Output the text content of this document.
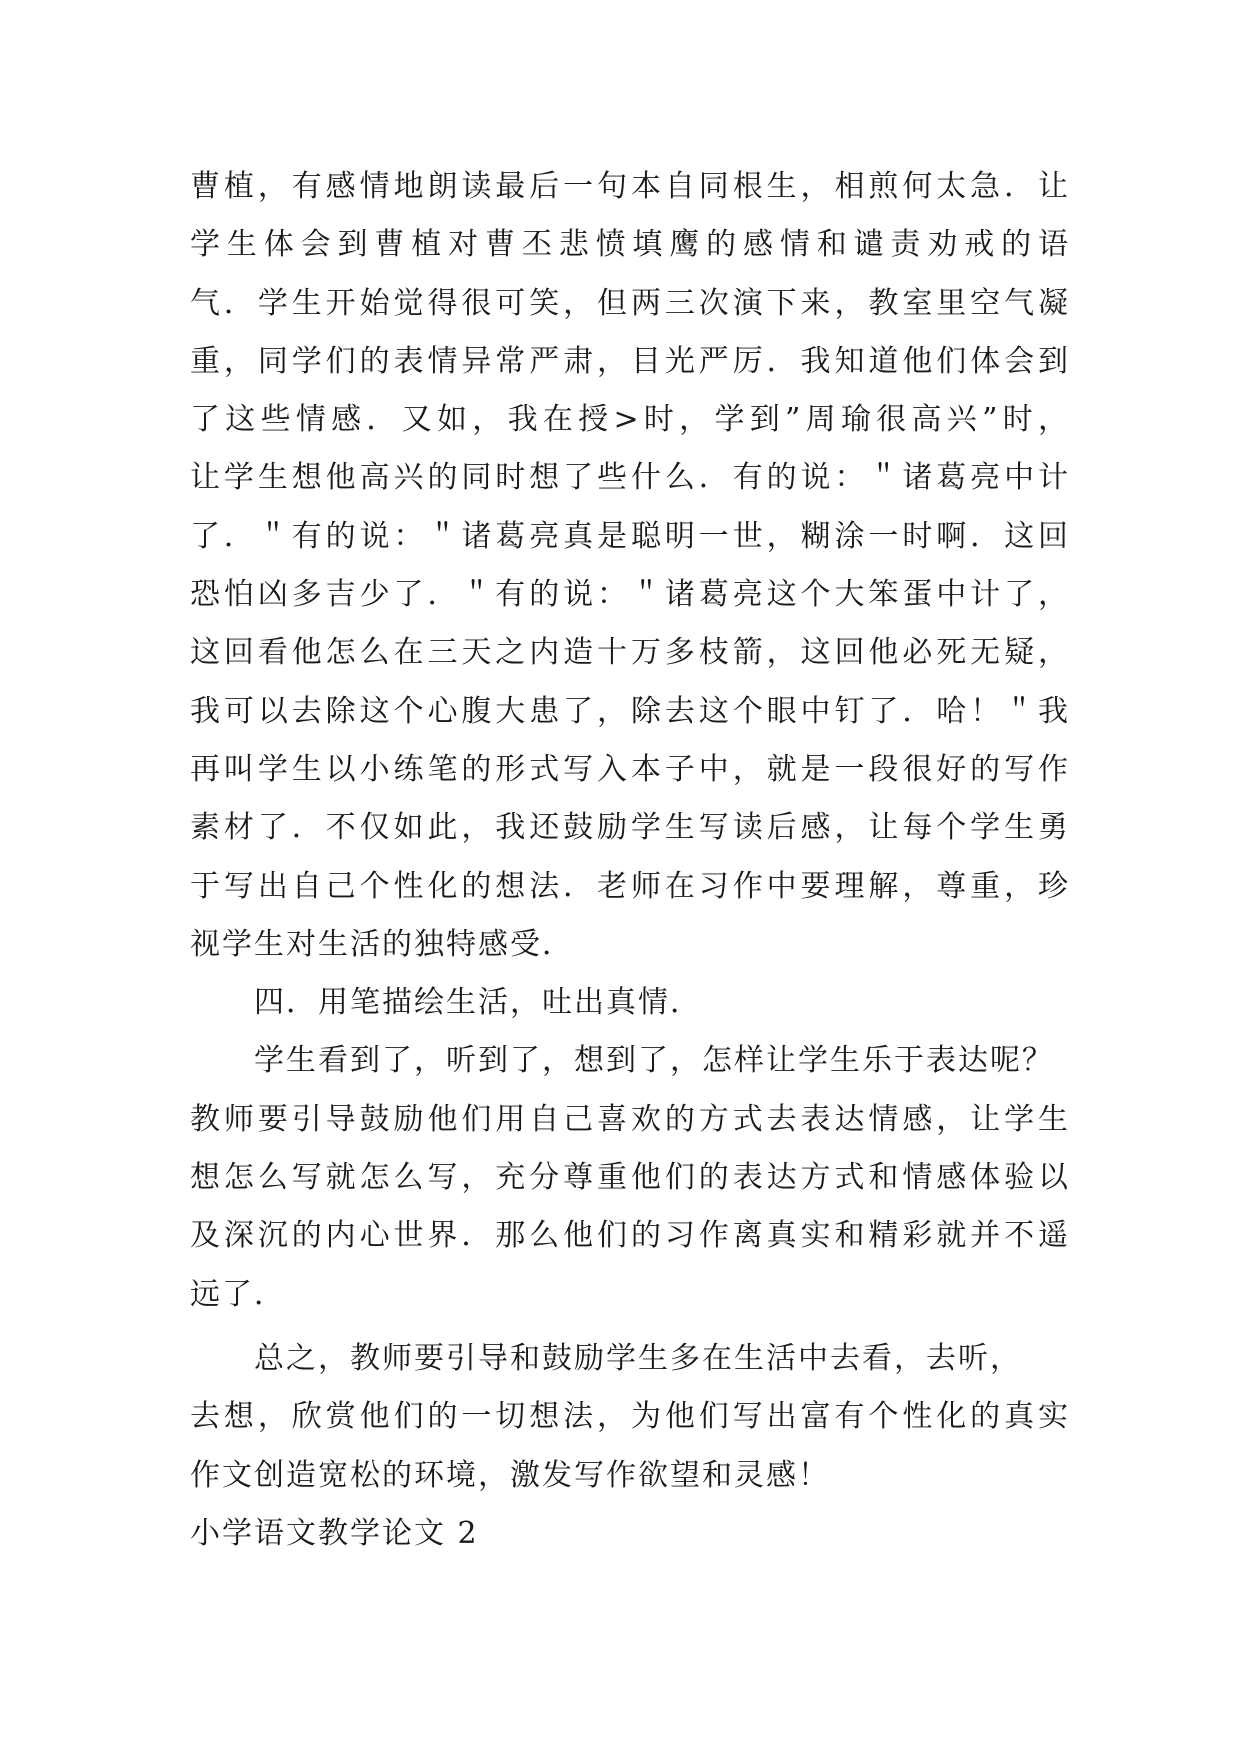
曹植，有感情地朗读最后一句本自同根生，相煎何太急．让
学生体会到曹植对曹丕悲愤填鹰的感情和谴责劝戒的语
气．学生开始觉得很可笑，但两三次演下来，教室里空气凝
重，同学们的表情异常严肃，目光严厉．我知道他们体会到
了这些情感．又如，我在授>时，学到”周瑜很高兴”时，
让学生想他高兴的同时想了些什么．有的说：＂诸葛亮中计
了．＂有的说：＂诸葛亮真是聪明一世，糊涂一时啊．这回
恐怕凶多吉少了．＂有的说：＂诸葛亮这个大笨蛋中计了，
这回看他怎么在三天之内造十万多枝箭，这回他必死无疑，
我可以去除这个心腹大患了，除去这个眼中钉了．哈！＂我
再叫学生以小练笔的形式写入本子中，就是一段很好的写作
素材了．不仅如此，我还鼓励学生写读后感，让每个学生勇
于写出自己个性化的想法．老师在习作中要理解，尊重，珍
视学生对生活的独特感受．
四．用笔描绘生活，吐出真情．
学生看到了，听到了，想到了，怎样让学生乐于表达呢？
教师要引导鼓励他们用自己喜欢的方式去表达情感，让学生
想怎么写就怎么写，充分尊重他们的表达方式和情感体验以
及深沉的内心世界．那么他们的习作离真实和精彩就并不遥
远了．
总之，教师要引导和鼓励学生多在生活中去看，去听，
去想，欣赏他们的一切想法，为他们写出富有个性化的真实
作文创造宽松的环境，激发写作欲望和灵感！
小学语文教学论文 2
